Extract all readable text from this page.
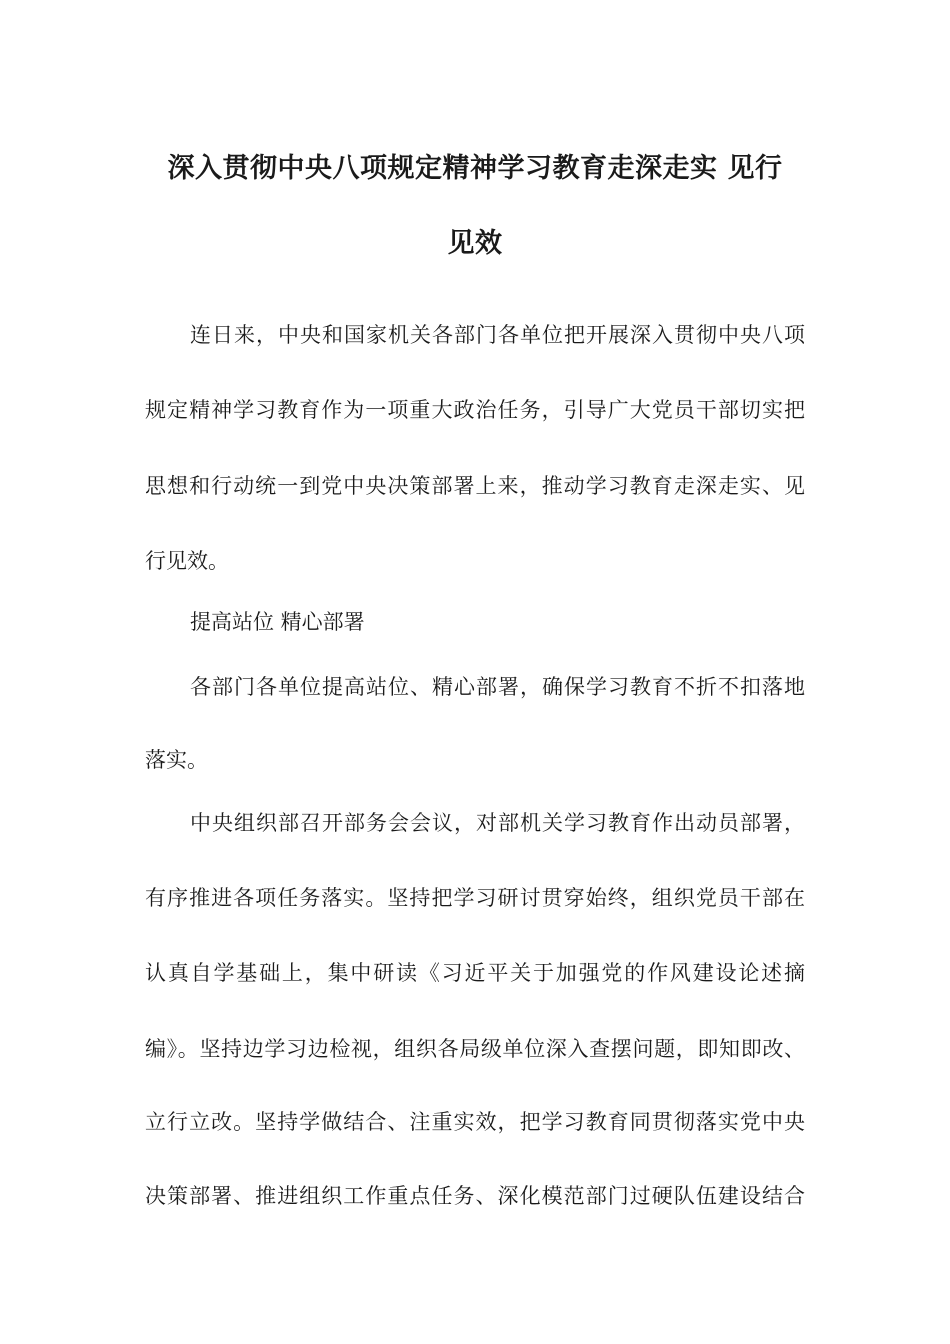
深入贯彻中央八项规定精神学习教育走深走实 见行
见效
连日来，中央和国家机关各部门各单位把开展深入贯彻中央八项
规定精神学习教育作为一项重大政治任务，引导广大党员干部切实把
思想和行动统一到党中央决策部署上来，推动学习教育走深走实、见
行见效。
提高站位 精心部署
各部门各单位提高站位、精心部署，确保学习教育不折不扣落地
落实。
中央组织部召开部务会会议，对部机关学习教育作出动员部署，
有序推进各项任务落实。坚持把学习研讨贯穿始终，组织党员干部在
认真自学基础上，集中研读《习近平关于加强党的作风建设论述摘
编》。坚持边学习边检视，组织各局级单位深入查摆问题，即知即改、
立行立改。坚持学做结合、注重实效，把学习教育同贯彻落实党中央
决策部署、推进组织工作重点任务、深化模范部门过硬队伍建设结合
